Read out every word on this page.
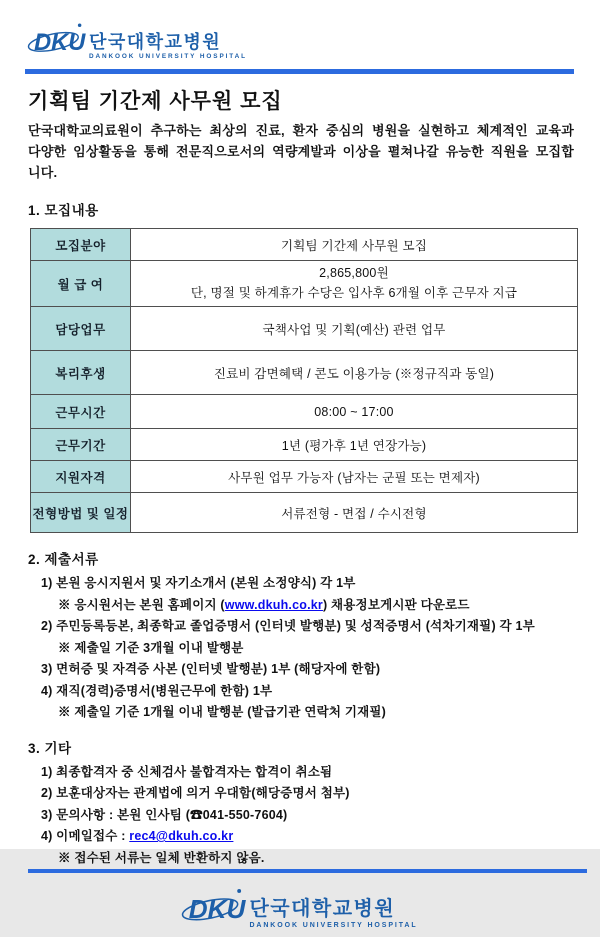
DKU 단국대학교병원
DANKOOK UNIVERSITY HOSPITAL
기획팀 기간제 사무원 모집
단국대학교의료원이 추구하는 최상의 진료, 환자 중심의 병원을 실현하고 체계적인 교육과 다양한 임상활동을 통해 전문직으로서의 역량계발과 이상을 펼쳐나갈 유능한 직원을 모집합니다.
1. 모집내용
모집분야	기획팀 기간제 사무원 모집
월 급 여	2,865,800원
단, 명절 및 하계휴가 수당은 입사후 6개월 이후 근무자 지급

담당업무	국책사업 및 기획(예산) 관련 업무
복리후생	진료비 감면혜택 / 콘도 이용가능 (※정규직과 동일)
근무시간	08:00 ~ 17:00
근무기간	1년 (평가후 1년 연장가능)
지원자격	사무원 업무 가능자 (남자는 군필 또는 면제자)
전형방법 및 일정	서류전형 - 면접 / 수시전형
2. 제출서류
1) 본원 응시지원서 및 자기소개서 (본원 소정양식) 각 1부
※ 응시원서는 본원 홈페이지 (www.dkuh.co.kr) 채용정보게시판 다운로드
2) 주민등록등본, 최종학교 졸업증명서 (인터넷 발행분) 및 성적증명서 (석차기재필) 각 1부
※ 제출일 기준 3개월 이내 발행분
3) 면허증 및 자격증 사본 (인터넷 발행분) 1부 (해당자에 한함)
4) 재직(경력)증명서(병원근무에 한함) 1부
※ 제출일 기준 1개월 이내 발행분 (발급기관 연락처 기재필)
3. 기타
1) 최종합격자 중 신체검사 불합격자는 합격이 취소됨
2) 보훈대상자는 관계법에 의거 우대함(해당증명서 첨부)
3) 문의사항 : 본원 인사팀 (☎041-550-7604)
4) 이메일접수 : rec4@dkuh.co.kr
※ 접수된 서류는 일체 반환하지 않음.
DKU 단국대학교병원
DANKOOK UNIVERSITY HOSPITAL
